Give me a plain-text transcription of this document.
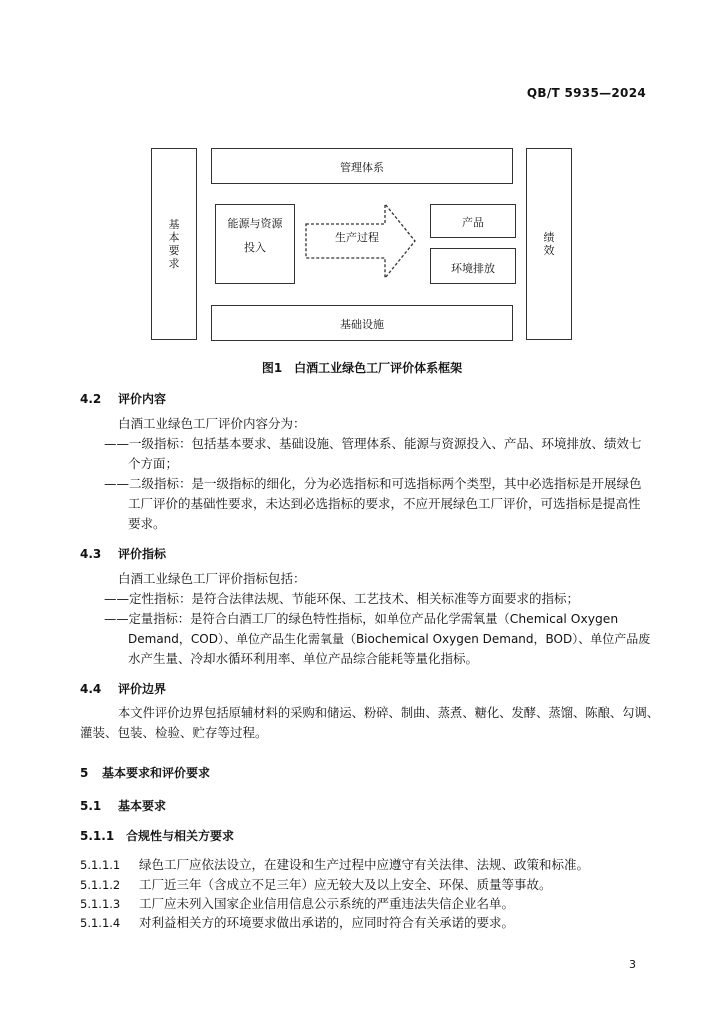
QB/T 5935—2024
基
本
要
求
绩
效
管理体系
能源与资源
投入
生产过程
产品
环境排放
基础设施
图1　白酒工业绿色工厂评价体系框架
4.2 评价内容
白酒工业绿色工厂评价内容分为：
——一级指标：包括基本要求、基础设施、管理体系、能源与资源投入、产品、环境排放、绩效七
个方面；
——二级指标：是一级指标的细化，分为必选指标和可选指标两个类型，其中必选指标是开展绿色
工厂评价的基础性要求，未达到必选指标的要求，不应开展绿色工厂评价，可选指标是提高性
要求。
4.3 评价指标
白酒工业绿色工厂评价指标包括：
——定性指标：是符合法律法规、节能环保、工艺技术、相关标准等方面要求的指标；
——定量指标：是符合白酒工厂的绿色特性指标，如单位产品化学需氧量（Chemical Oxygen
Demand，COD）、单位产品生化需氧量（Biochemical Oxygen Demand，BOD）、单位产品废
水产生量、冷却水循环利用率、单位产品综合能耗等量化指标。
4.4 评价边界
本文件评价边界包括原辅材料的采购和储运、粉碎、制曲、蒸煮、糖化、发酵、蒸馏、陈酿、勾调、
灌装、包装、检验、贮存等过程。
5 基本要求和评价要求
5.1 基本要求
5.1.1 合规性与相关方要求
5.1.1.1 绿色工厂应依法设立，在建设和生产过程中应遵守有关法律、法规、政策和标准。
5.1.1.2 工厂近三年（含成立不足三年）应无较大及以上安全、环保、质量等事故。
5.1.1.3 工厂应未列入国家企业信用信息公示系统的严重违法失信企业名单。
5.1.1.4 对利益相关方的环境要求做出承诺的，应同时符合有关承诺的要求。
3
